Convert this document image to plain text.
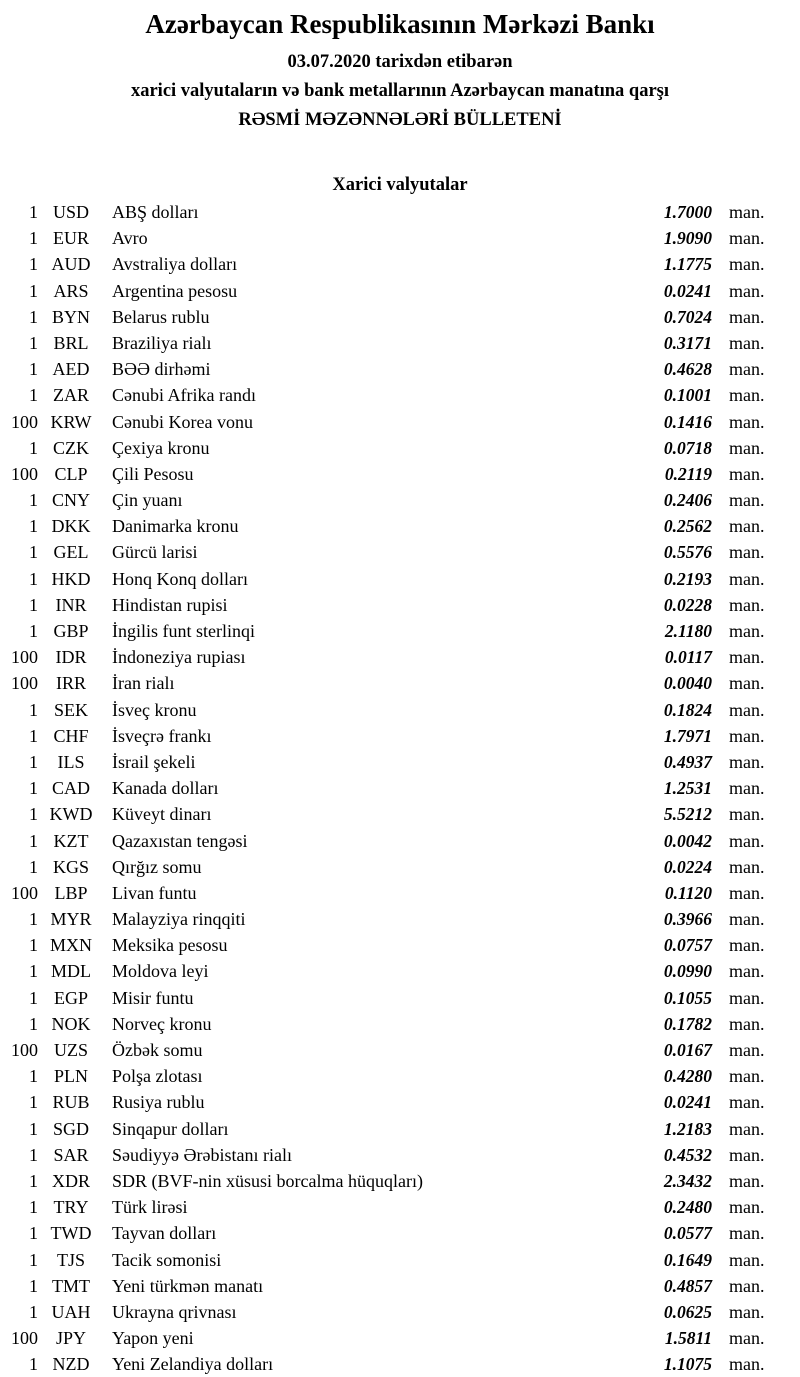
Azərbaycan Respublikasının Mərkəzi Bankı
03.07.2020 tarixdən etibarən
xarici valyutaların və bank metallarının Azərbaycan manatına qarşı
RƏSMİ MƏZƏNNƏLƏRİ BÜLLETENİ
Xarici valyutalar
1 USD	ABŞ dolları	1.7000 man.
1 EUR	Avro	1.9090 man.
1 AUD	Avstraliya dolları	1.1775 man.
1 ARS	Argentina pesosu	0.0241 man.
1 BYN	Belarus rublu	0.7024 man.
1 BRL	Braziliya rialı	0.3171 man.
1 AED	BƏƏ dirhəmi	0.4628 man.
1 ZAR	Cənubi Afrika randı	0.1001 man.
100 KRW	Cənubi Korea vonu	0.1416 man.
1 CZK	Çexiya kronu	0.0718 man.
100 CLP	Çili Pesosu	0.2119 man.
1 CNY	Çin yuanı	0.2406 man.
1 DKK	Danimarka kronu	0.2562 man.
1 GEL	Gürcü larisi	0.5576 man.
1 HKD	Honq Konq dolları	0.2193 man.
1 INR	Hindistan rupisi	0.0228 man.
1 GBP	İngilis funt sterlinqi	2.1180 man.
100 IDR	İndoneziya rupiası	0.0117 man.
100 IRR	İran rialı	0.0040 man.
1 SEK	İsveç kronu	0.1824 man.
1 CHF	İsveçrə frankı	1.7971 man.
1	ILS	İsrail şekeli	0.4937 man.
1 CAD	Kanada dolları	1.2531 man.
1 KWD	Küveyt dinarı	5.5212 man.
1 KZT	Qazaxıstan tengəsi	0.0042 man.
1 KGS	Qırğız somu	0.0224 man.
100 LBP	Livan funtu	0.1120 man.
1 MYR	Malayziya rinqqiti	0.3966 man.
1 MXN	Meksika pesosu	0.0757 man.
1 MDL	Moldova leyi	0.0990 man.
1 EGP	Misir funtu	0.1055 man.
1 NOK	Norveç kronu	0.1782 man.
100 UZS	Özbək somu	0.0167 man.
1 PLN	Polşa zlotası	0.4280 man.
1 RUB	Rusiya rublu	0.0241 man.
1 SGD	Sinqapur dolları	1.2183 man.
1 SAR	Səudiyyə Ərəbistanı rialı	0.4532 man.
1 XDR	SDR (BVF-nin xüsusi borcalma hüquqları)	2.3432 man.
1 TRY	Türk lirəsi	0.2480 man.
1 TWD	Tayvan dolları	0.0577 man.
1	TJS	Tacik somonisi	0.1649 man.
1 TMT	Yeni türkmən manatı	0.4857 man.
1 UAH	Ukrayna qrivnası	0.0625 man.
100 JPY	Yapon yeni	1.5811 man.
1 NZD	Yeni Zelandiya dolları	1.1075 man.
